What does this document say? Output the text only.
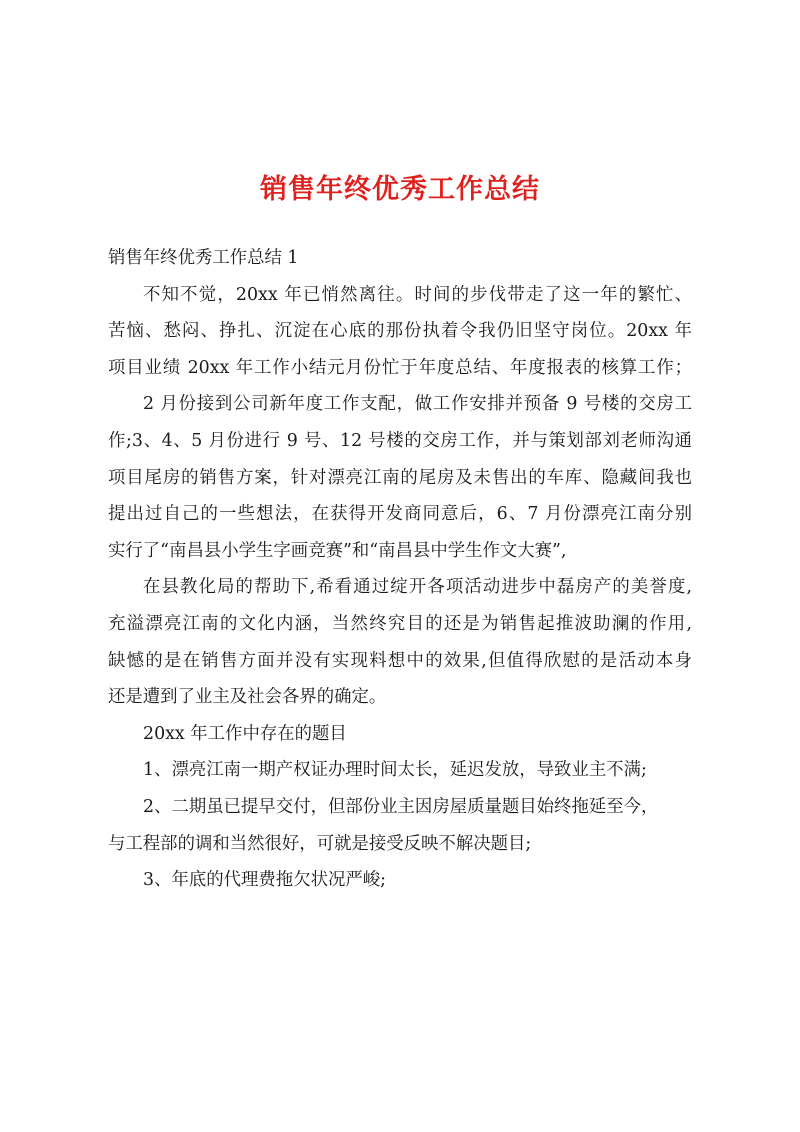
销售年终优秀工作总结
销售年终优秀工作总结 1
不知不觉，20xx 年已悄然离往。时间的步伐带走了这一年的繁忙、
苦恼、愁闷、挣扎、沉淀在心底的那份执着令我仍旧坚守岗位。20xx 年
项目业绩 20xx 年工作小结元月份忙于年度总结、年度报表的核算工作；
2 月份接到公司新年度工作支配，做工作安排并预备 9 号楼的交房工
作;3、4、5 月份进行 9 号、12 号楼的交房工作，并与策划部刘老师沟通
项目尾房的销售方案，针对漂亮江南的尾房及未售出的车库、隐藏间我也
提出过自己的一些想法，在获得开发商同意后，6、7 月份漂亮江南分别
实行了“南昌县小学生字画竞赛”和“南昌县中学生作文大赛”,
在县教化局的帮助下,希看通过绽开各项活动进步中磊房产的美誉度,
充溢漂亮江南的文化内涵，当然终究目的还是为销售起推波助澜的作用,
缺憾的是在销售方面并没有实现料想中的效果,但值得欣慰的是活动本身
还是遭到了业主及社会各界的确定。
20xx 年工作中存在的题目
1、漂亮江南一期产权证办理时间太长，延迟发放，导致业主不满;
2、二期虽已提早交付，但部份业主因房屋质量题目始终拖延至今，
与工程部的调和当然很好，可就是接受反映不解决题目;
3、年底的代理费拖欠状况严峻;
